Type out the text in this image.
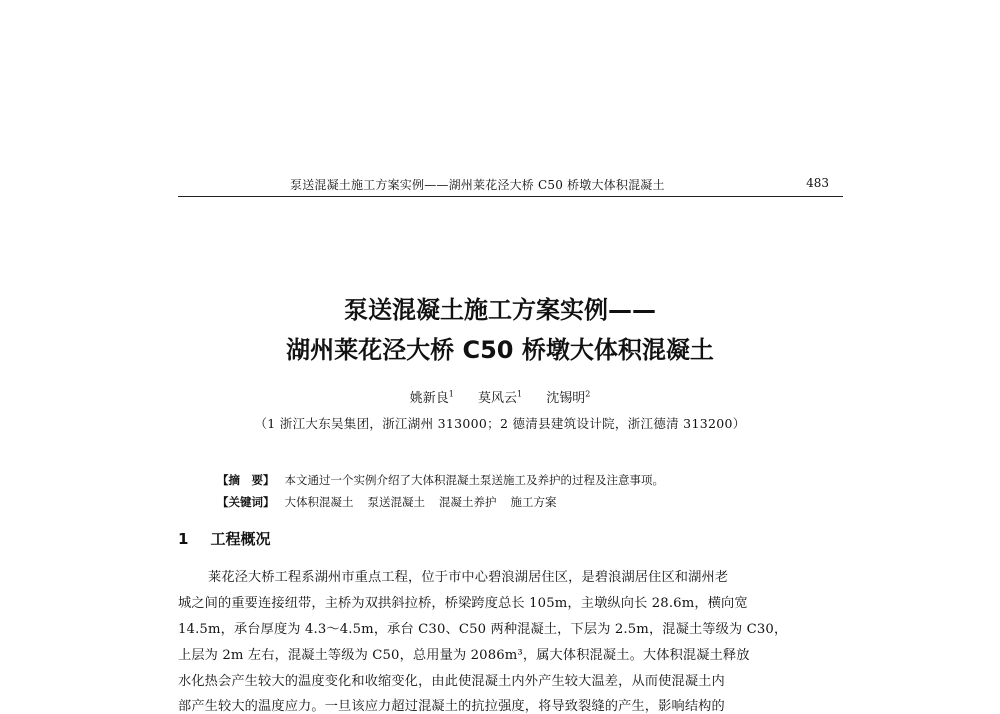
泵送混凝土施工方案实例——湖州莱花泾大桥 C50 桥墩大体积混凝土	483
泵送混凝土施工方案实例——
湖州莱花泾大桥 C50 桥墩大体积混凝土
姚新良$^1$ 莫风云$^1$ 沈锡明$^2$
（1 浙江大东吴集团，浙江湖州 313000；2 德清县建筑设计院，浙江德清 313200）
【摘　要】 本文通过一个实例介绍了大体积混凝土泵送施工及养护的过程及注意事项。
【关键词】 大体积混凝土 泵送混凝土 混凝土养护 施工方案
1 工程概况
莱花泾大桥工程系湖州市重点工程，位于市中心碧浪湖居住区，是碧浪湖居住区和湖州老
城之间的重要连接纽带，主桥为双拱斜拉桥，桥梁跨度总长 105m，主墩纵向长 28.6m，横向宽
14.5m，承台厚度为 4.3～4.5m，承台 C30、C50 两种混凝土，下层为 2.5m，混凝土等级为 C30，
上层为 2m 左右，混凝土等级为 C50，总用量为 2086m³，属大体积混凝土。大体积混凝土释放
水化热会产生较大的温度变化和收缩变化，由此使混凝土内外产生较大温差，从而使混凝土内
部产生较大的温度应力。一旦该应力超过混凝土的抗拉强度，将导致裂缝的产生，影响结构的
